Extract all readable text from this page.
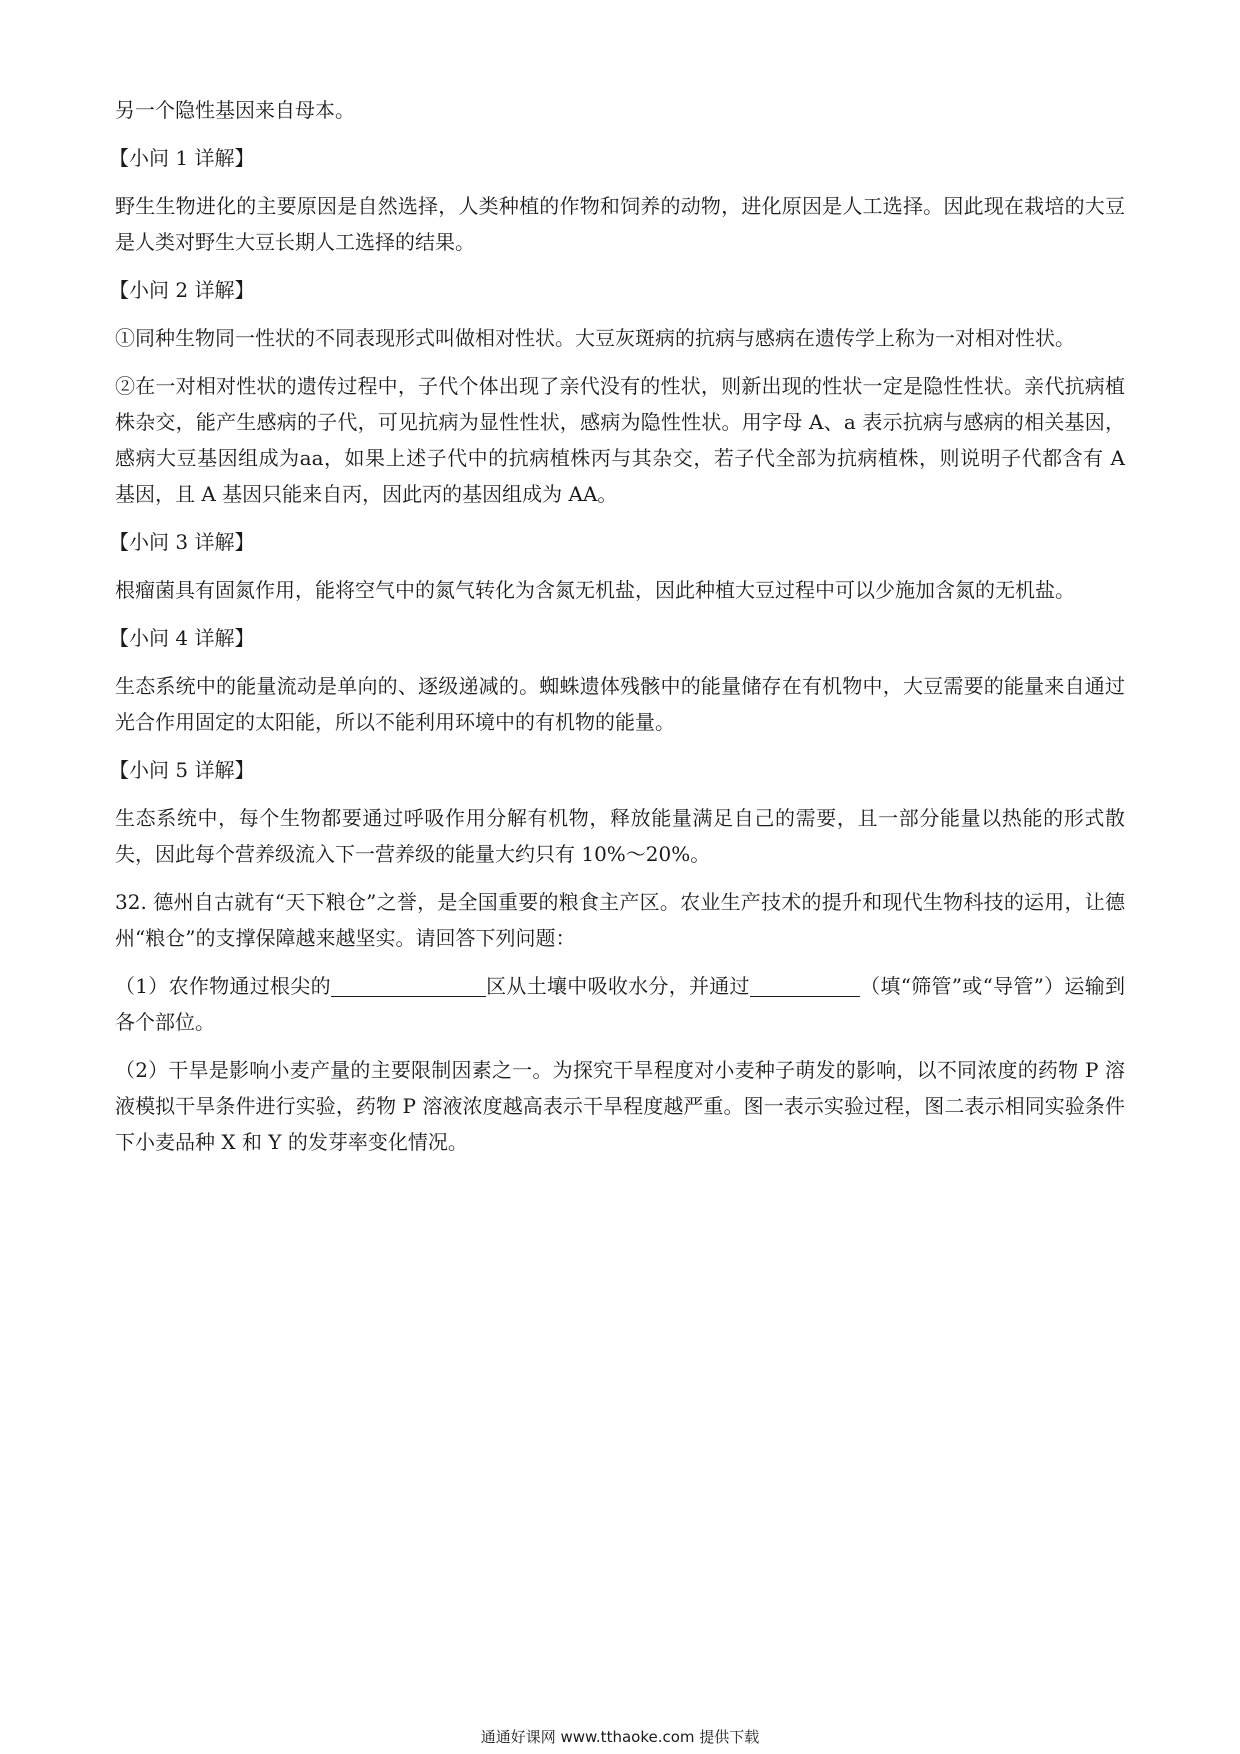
另一个隐性基因来自母本。

【小问 1 详解】

野生生物进化的主要原因是自然选择，人类种植的作物和饲养的动物，进化原因是人工选择。因此现在栽培的大豆是人类对野生大豆长期人工选择的结果。

【小问 2 详解】

①同种生物同一性状的不同表现形式叫做相对性状。大豆灰斑病的抗病与感病在遗传学上称为一对相对性状。

②在一对相对性状的遗传过程中，子代个体出现了亲代没有的性状，则新出现的性状一定是隐性性状。亲代抗病植株杂交，能产生感病的子代，可见抗病为显性性状，感病为隐性性状。用字母 A、a 表示抗病与感病的相关基因，感病大豆基因组成为aa，如果上述子代中的抗病植株丙与其杂交，若子代全部为抗病植株，则说明子代都含有 A 基因，且 A 基因只能来自丙，因此丙的基因组成为 AA。

【小问 3 详解】

根瘤菌具有固氮作用，能将空气中的氮气转化为含氮无机盐，因此种植大豆过程中可以少施加含氮的无机盐。

【小问 4 详解】

生态系统中的能量流动是单向的、逐级递减的。蜘蛛遗体残骸中的能量储存在有机物中，大豆需要的能量来自通过光合作用固定的太阳能，所以不能利用环境中的有机物的能量。

【小问 5 详解】

生态系统中，每个生物都要通过呼吸作用分解有机物，释放能量满足自己的需要，且一部分能量以热能的形式散失，因此每个营养级流入下一营养级的能量大约只有 10%～20%。

32. 德州自古就有“天下粮仓”之誉，是全国重要的粮食主产区。农业生产技术的提升和现代生物科技的运用，让德州“粮仓”的支撑保障越来越坚实。请回答下列问题：

（1）农作物通过根尖的	区从土壤中吸收水分，并通过	（填“筛管”或“导管”）运输到各个部位。

（2）干旱是影响小麦产量的主要限制因素之一。为探究干旱程度对小麦种子萌发的影响，以不同浓度的药物 P 溶液模拟干旱条件进行实验，药物 P 溶液浓度越高表示干旱程度越严重。图一表示实验过程，图二表示相同实验条件下小麦品种 X 和 Y 的发芽率变化情况。

通通好课网 www.tthaoke.com 提供下载
